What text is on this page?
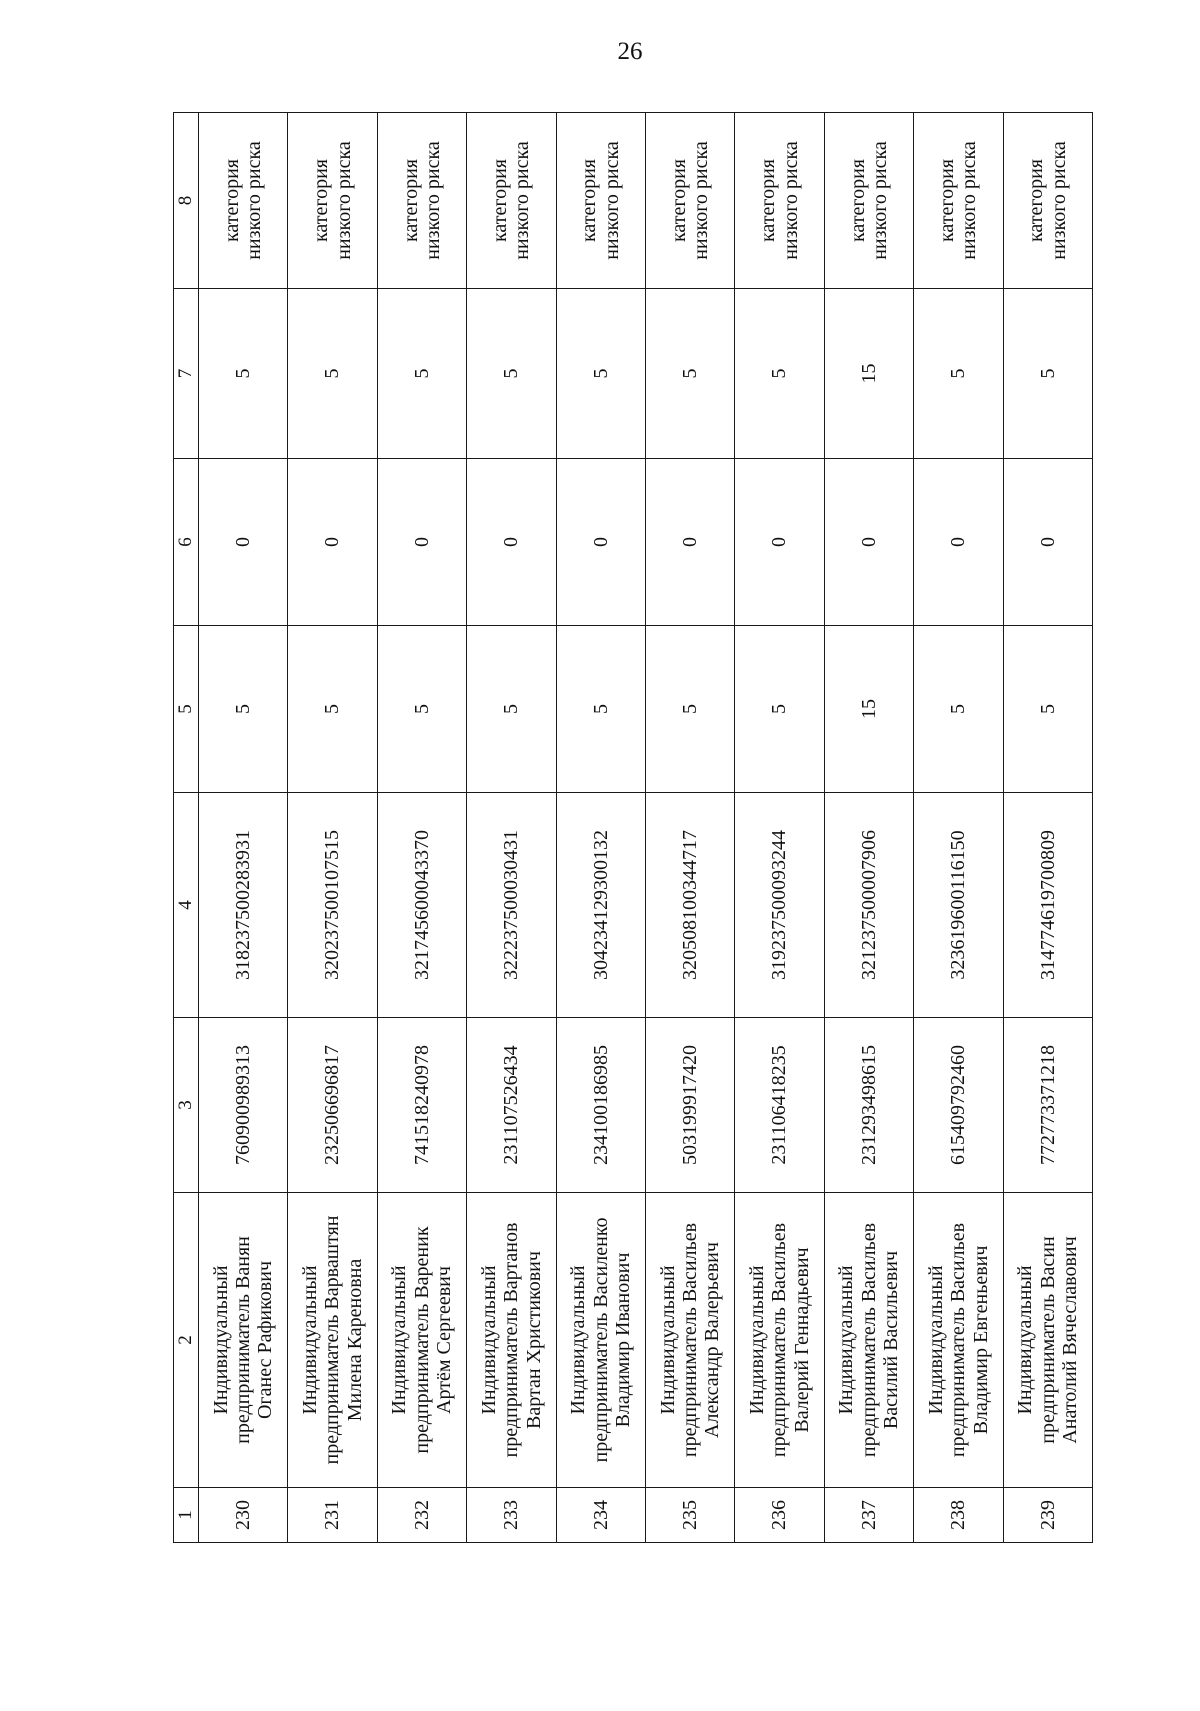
26
1	2	3	4	5	6	7	8
230	Индивидуальный предприниматель Ванян Оганес Рафикович	760900989313	318237500283931	5	0	5	категория низкого риска

231	Индивидуальный предприниматель Варваштян Милена Кареновна	232506696817	320237500107515	5	0	5	категория низкого риска

232	Индивидуальный предприниматель Вареник Артём Сергеевич	741518240978	321745600043370	5	0	5	категория низкого риска

233	Индивидуальный предприниматель Вартанов Вартан Христикович	231107526434	322237500030431	5	0	5	категория низкого риска

234	Индивидуальный предприниматель Василенко Владимир Иванович	234100186985	304234129300132	5	0	5	категория низкого риска

235	Индивидуальный предприниматель Васильев Александр Валерьевич	503199917420	320508100344717	5	0	5	категория низкого риска

236	Индивидуальный предприниматель Васильев Валерий Геннадьевич	231106418235	319237500093244	5	0	5	категория низкого риска

237	Индивидуальный предприниматель Васильев Василий Васильевич	231293498615	321237500007906	15	0	15	категория низкого риска

238	Индивидуальный предприниматель Васильев Владимир Евгеньевич	615409792460	323619600116150	5	0	5	категория низкого риска

239	Индивидуальный предприниматель Васин Анатолий Вячеславович	772773371218	314774619700809	5	0	5	категория низкого риска
